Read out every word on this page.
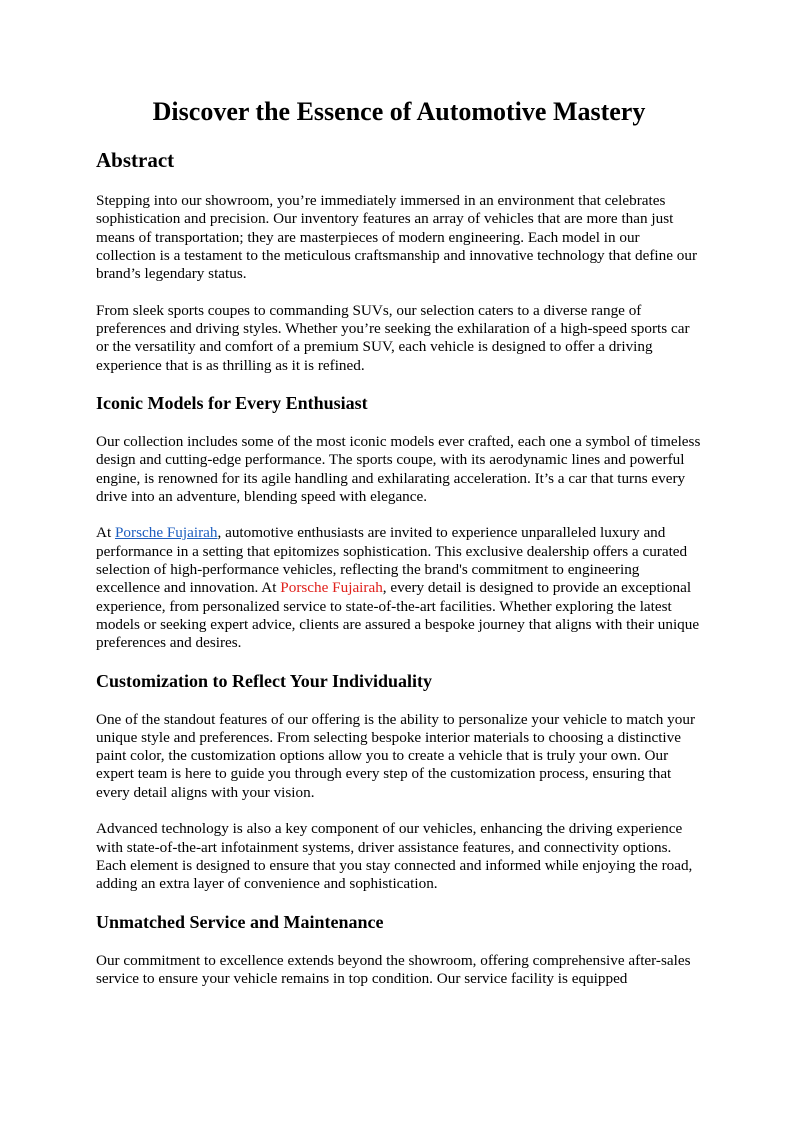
Discover the Essence of Automotive Mastery
Abstract

Stepping into our showroom, you’re immediately immersed in an environment that celebrates sophistication and precision. Our inventory features an array of vehicles that are more than just means of transportation; they are masterpieces of modern engineering. Each model in our collection is a testament to the meticulous craftsmanship and innovative technology that define our brand’s legendary status.

From sleek sports coupes to commanding SUVs, our selection caters to a diverse range of preferences and driving styles. Whether you’re seeking the exhilaration of a high-speed sports car or the versatility and comfort of a premium SUV, each vehicle is designed to offer a driving experience that is as thrilling as it is refined.

Iconic Models for Every Enthusiast

Our collection includes some of the most iconic models ever crafted, each one a symbol of timeless design and cutting-edge performance. The sports coupe, with its aerodynamic lines and powerful engine, is renowned for its agile handling and exhilarating acceleration. It’s a car that turns every drive into an adventure, blending speed with elegance.

At Porsche Fujairah, automotive enthusiasts are invited to experience unparalleled luxury and performance in a setting that epitomizes sophistication. This exclusive dealership offers a curated selection of high-performance vehicles, reflecting the brand's commitment to engineering excellence and innovation. At Porsche Fujairah, every detail is designed to provide an exceptional experience, from personalized service to state-of-the-art facilities. Whether exploring the latest models or seeking expert advice, clients are assured a bespoke journey that aligns with their unique preferences and desires.

Customization to Reflect Your Individuality

One of the standout features of our offering is the ability to personalize your vehicle to match your unique style and preferences. From selecting bespoke interior materials to choosing a distinctive paint color, the customization options allow you to create a vehicle that is truly your own. Our expert team is here to guide you through every step of the customization process, ensuring that every detail aligns with your vision.

Advanced technology is also a key component of our vehicles, enhancing the driving experience with state-of-the-art infotainment systems, driver assistance features, and connectivity options. Each element is designed to ensure that you stay connected and informed while enjoying the road, adding an extra layer of convenience and sophistication.

Unmatched Service and Maintenance

Our commitment to excellence extends beyond the showroom, offering comprehensive after-sales service to ensure your vehicle remains in top condition. Our service facility is equipped
